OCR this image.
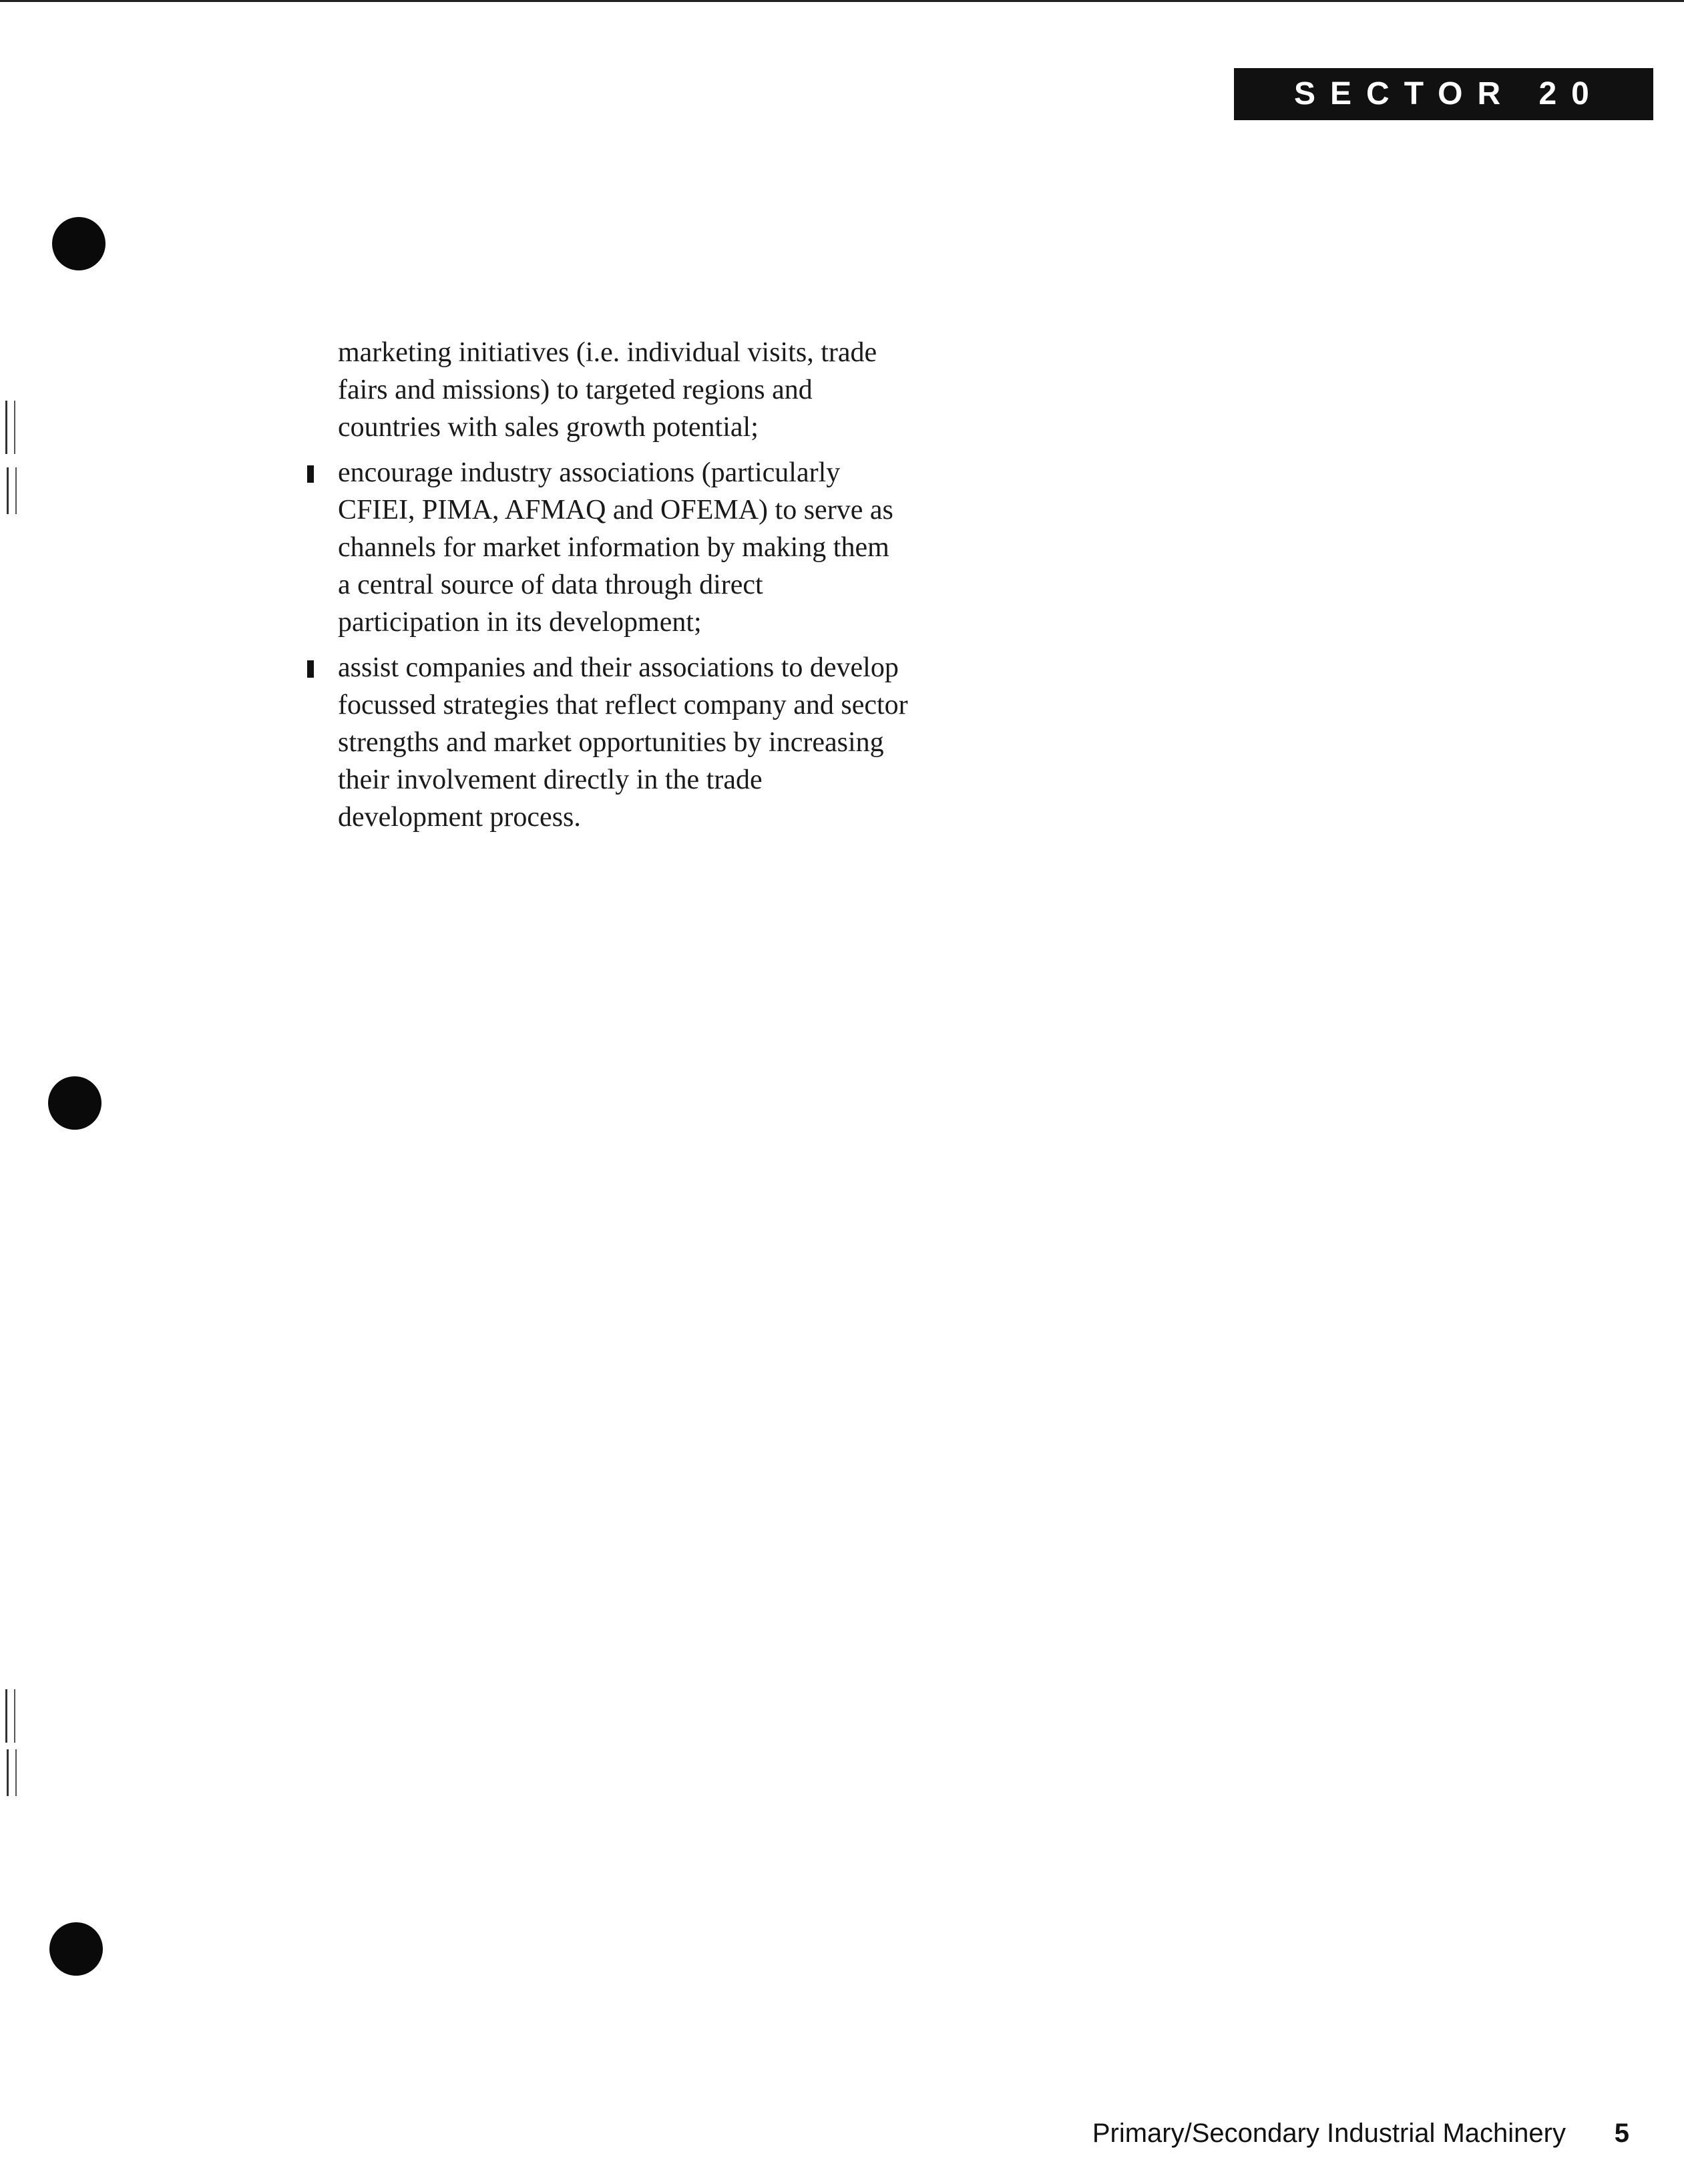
SECTOR 20

marketing initiatives (i.e. individual visits, trade fairs and missions) to targeted regions and countries with sales growth potential;

encourage industry associations (particularly CFIEI, PIMA, AFMAQ and OFEMA) to serve as channels for market information by making them a central source of data through direct participation in its development;
assist companies and their associations to develop focussed strategies that reflect company and sector strengths and market opportunities by increasing their involvement directly in the trade development process.
Primary/Secondary Industrial Machinery 5
